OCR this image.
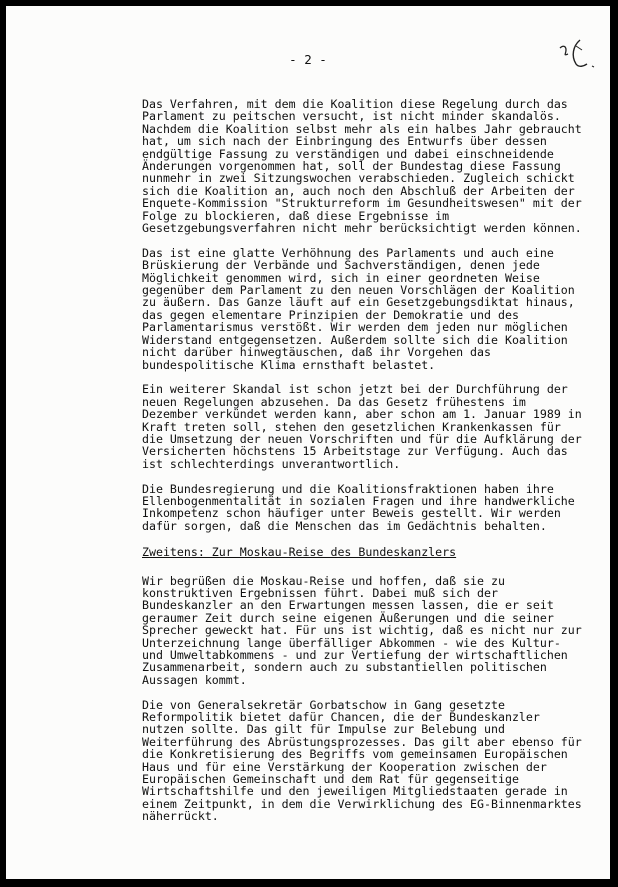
- 2 -
Das Verfahren, mit dem die Koalition diese Regelung durch das
Parlament zu peitschen versucht, ist nicht minder skandalös.
Nachdem die Koalition selbst mehr als ein halbes Jahr gebraucht
hat, um sich nach der Einbringung des Entwurfs über dessen
endgültige Fassung zu verständigen und dabei einschneidende
Änderungen vorgenommen hat, soll der Bundestag diese Fassung
nunmehr in zwei Sitzungswochen verabschieden. Zugleich schickt
sich die Koalition an, auch noch den Abschluß der Arbeiten der
Enquete-Kommission "Strukturreform im Gesundheitswesen" mit der
Folge zu blockieren, daß diese Ergebnisse im
Gesetzgebungsverfahren nicht mehr berücksichtigt werden können.
Das ist eine glatte Verhöhnung des Parlaments und auch eine
Brüskierung der Verbände und Sachverständigen, denen jede
Möglichkeit genommen wird, sich in einer geordneten Weise
gegenüber dem Parlament zu den neuen Vorschlägen der Koalition
zu äußern. Das Ganze läuft auf ein Gesetzgebungsdiktat hinaus,
das gegen elementare Prinzipien der Demokratie und des
Parlamentarismus verstößt. Wir werden dem jeden nur möglichen
Widerstand entgegensetzen. Außerdem sollte sich die Koalition
nicht darüber hinwegtäuschen, daß ihr Vorgehen das
bundespolitische Klima ernsthaft belastet.
Ein weiterer Skandal ist schon jetzt bei der Durchführung der
neuen Regelungen abzusehen. Da das Gesetz frühestens im
Dezember verkündet werden kann, aber schon am 1. Januar 1989 in
Kraft treten soll, stehen den gesetzlichen Krankenkassen für
die Umsetzung der neuen Vorschriften und für die Aufklärung der
Versicherten höchstens 15 Arbeitstage zur Verfügung. Auch das
ist schlechterdings unverantwortlich.
Die Bundesregierung und die Koalitionsfraktionen haben ihre
Ellenbogenmentalität in sozialen Fragen und ihre handwerkliche
Inkompetenz schon häufiger unter Beweis gestellt. Wir werden
dafür sorgen, daß die Menschen das im Gedächtnis behalten.
Zweitens: Zur Moskau-Reise des Bundeskanzlers
Wir begrüßen die Moskau-Reise und hoffen, daß sie zu
konstruktiven Ergebnissen führt. Dabei muß sich der
Bundeskanzler an den Erwartungen messen lassen, die er seit
geraumer Zeit durch seine eigenen Äußerungen und die seiner
Sprecher geweckt hat. Für uns ist wichtig, daß es nicht nur zur
Unterzeichnung lange überfälliger Abkommen - wie des Kultur-
und Umweltabkommens - und zur Vertiefung der wirtschaftlichen
Zusammenarbeit, sondern auch zu substantiellen politischen
Aussagen kommt.
Die von Generalsekretär Gorbatschow in Gang gesetzte
Reformpolitik bietet dafür Chancen, die der Bundeskanzler
nutzen sollte. Das gilt für Impulse zur Belebung und
Weiterführung des Abrüstungsprozesses. Das gilt aber ebenso für
die Konkretisierung des Begriffs vom gemeinsamen Europäischen
Haus und für eine Verstärkung der Kooperation zwischen der
Europäischen Gemeinschaft und dem Rat für gegenseitige
Wirtschaftshilfe und den jeweiligen Mitgliedstaaten gerade in
einem Zeitpunkt, in dem die Verwirklichung des EG-Binnenmarktes
näherrückt.
